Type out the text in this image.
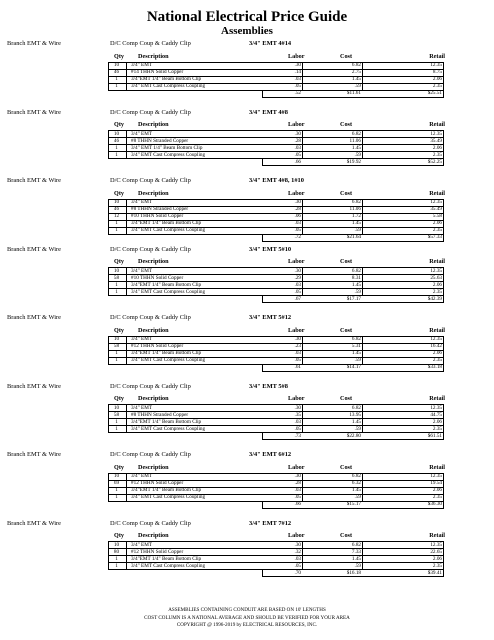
National Electrical Price Guide
Assemblies
Branch EMT & Wire	D/C Comp Coup & Caddy Clip	3/4" EMT 4#14
Qty Description	Labor	Cost	Retail
10	3/4" EMT	.30	6.82	12.35
46	#14 THHN Solid Copper	.14	2.75	8.75
1	3/4"EMT 1/4" Beam Bottom Clip	.03	1.45	2.06
1	3/4" EMT Cast Compress Coupling	.05	.59	2.35
.52	$11.61	$25.51
Branch EMT & Wire	D/C Comp Coup & Caddy Clip	3/4" EMT 4#8
Qty Description	Labor	Cost	Retail
10	3/4" EMT	.30	6.82	12.35
46	#8 THHN Stranded Copper	.28	11.06	35.49
1	3/4" EMT 1/4" Beam Bottom Clip	.03	1.45	2.06
1	3/4" EMT Cast Compress Coupling	.05	.59	2.35
.66	$19.92	$52.25
Branch EMT & Wire	D/C Comp Coup & Caddy Clip	3/4" EMT 4#8, 1#10
Qty Description	Labor	Cost	Retail
10	3/4" EMT	.30	6.82	12.35
46	#8 THHN Stranded Copper	.28	11.06	35.49
12	#10 THHN Solid Copper	.06	1.72	5.58
1	3/4"EMT 1/4" Beam Bottom Clip	.03	1.45	2.06
1	3/4" EMT Cast Compress Coupling	.05	.59	2.35
.72	$21.64	$57.33
Branch EMT & Wire	D/C Comp Coup & Caddy Clip	3/4" EMT 5#10
Qty Description	Labor	Cost	Retail
10	3/4" EMT	.30	6.82	12.35
58	#10 THHN Solid Copper	.29	8.31	25.63
1	3/4"EMT 1/4" Beam Bottom Clip	.03	1.45	2.06
1	3/4" EMT Cast Compress Coupling	.05	.59	2.35
.67	$17.17	$42.39
Branch EMT & Wire	D/C Comp Coup & Caddy Clip	3/4" EMT 5#12
Qty Description	Labor	Cost	Retail
10	3/4" EMT	.30	6.82	12.35
58	#12 THHN Solid Copper	.23	5.31	16.42
1	3/4"EMT 1/4" Beam Bottom Clip	.03	1.45	2.06
1	3/4" EMT Cast Compress Coupling	.05	.59	2.35
.61	$14.17	$33.18
Branch EMT & Wire	D/C Comp Coup & Caddy Clip	3/4" EMT 5#8
Qty Description	Labor	Cost	Retail
10	3/4" EMT	.30	6.82	12.35
58	#8 THHN Stranded Copper	.35	13.95	44.75
1	3/4"EMT 1/4" Beam Bottom Clip	.03	1.45	2.06
1	3/4" EMT Cast Compress Coupling	.05	.59	2.35
.73	$22.80	$61.51
Branch EMT & Wire	D/C Comp Coup & Caddy Clip	3/4" EMT 6#12
Qty Description	Labor	Cost	Retail
10	3/4" EMT	.30	6.82	12.35
69	#12 THHN Solid Copper	.28	6.32	19.54
1	3/4"EMT 1/4" Beam Bottom Clip	.03	1.45	2.06
1	3/4" EMT Cast Compress Coupling	.05	.59	2.35
.66	$15.17	$36.30
Branch EMT & Wire	D/C Comp Coup & Caddy Clip	3/4" EMT 7#12
Qty Description	Labor	Cost	Retail
10	3/4" EMT	.30	6.82	12.35
80	#12 THHN Solid Copper	.32	7.33	22.65
1	3/4"EMT 1/4" Beam Bottom Clip	.03	1.45	2.06
1	3/4" EMT Cast Compress Coupling	.05	.59	2.35
.70	$16.18	$39.41
ASSEMBLIES CONTAINING CONDUIT ARE BASED ON 10' LENGTHS
COST COLUMN IS A NATIONAL AVERAGE AND SHOULD BE VERIFIED FOR YOUR AREA
COPYRIGHT @ 1996-2019 by ELECTRICAL RESOURCES, INC.
